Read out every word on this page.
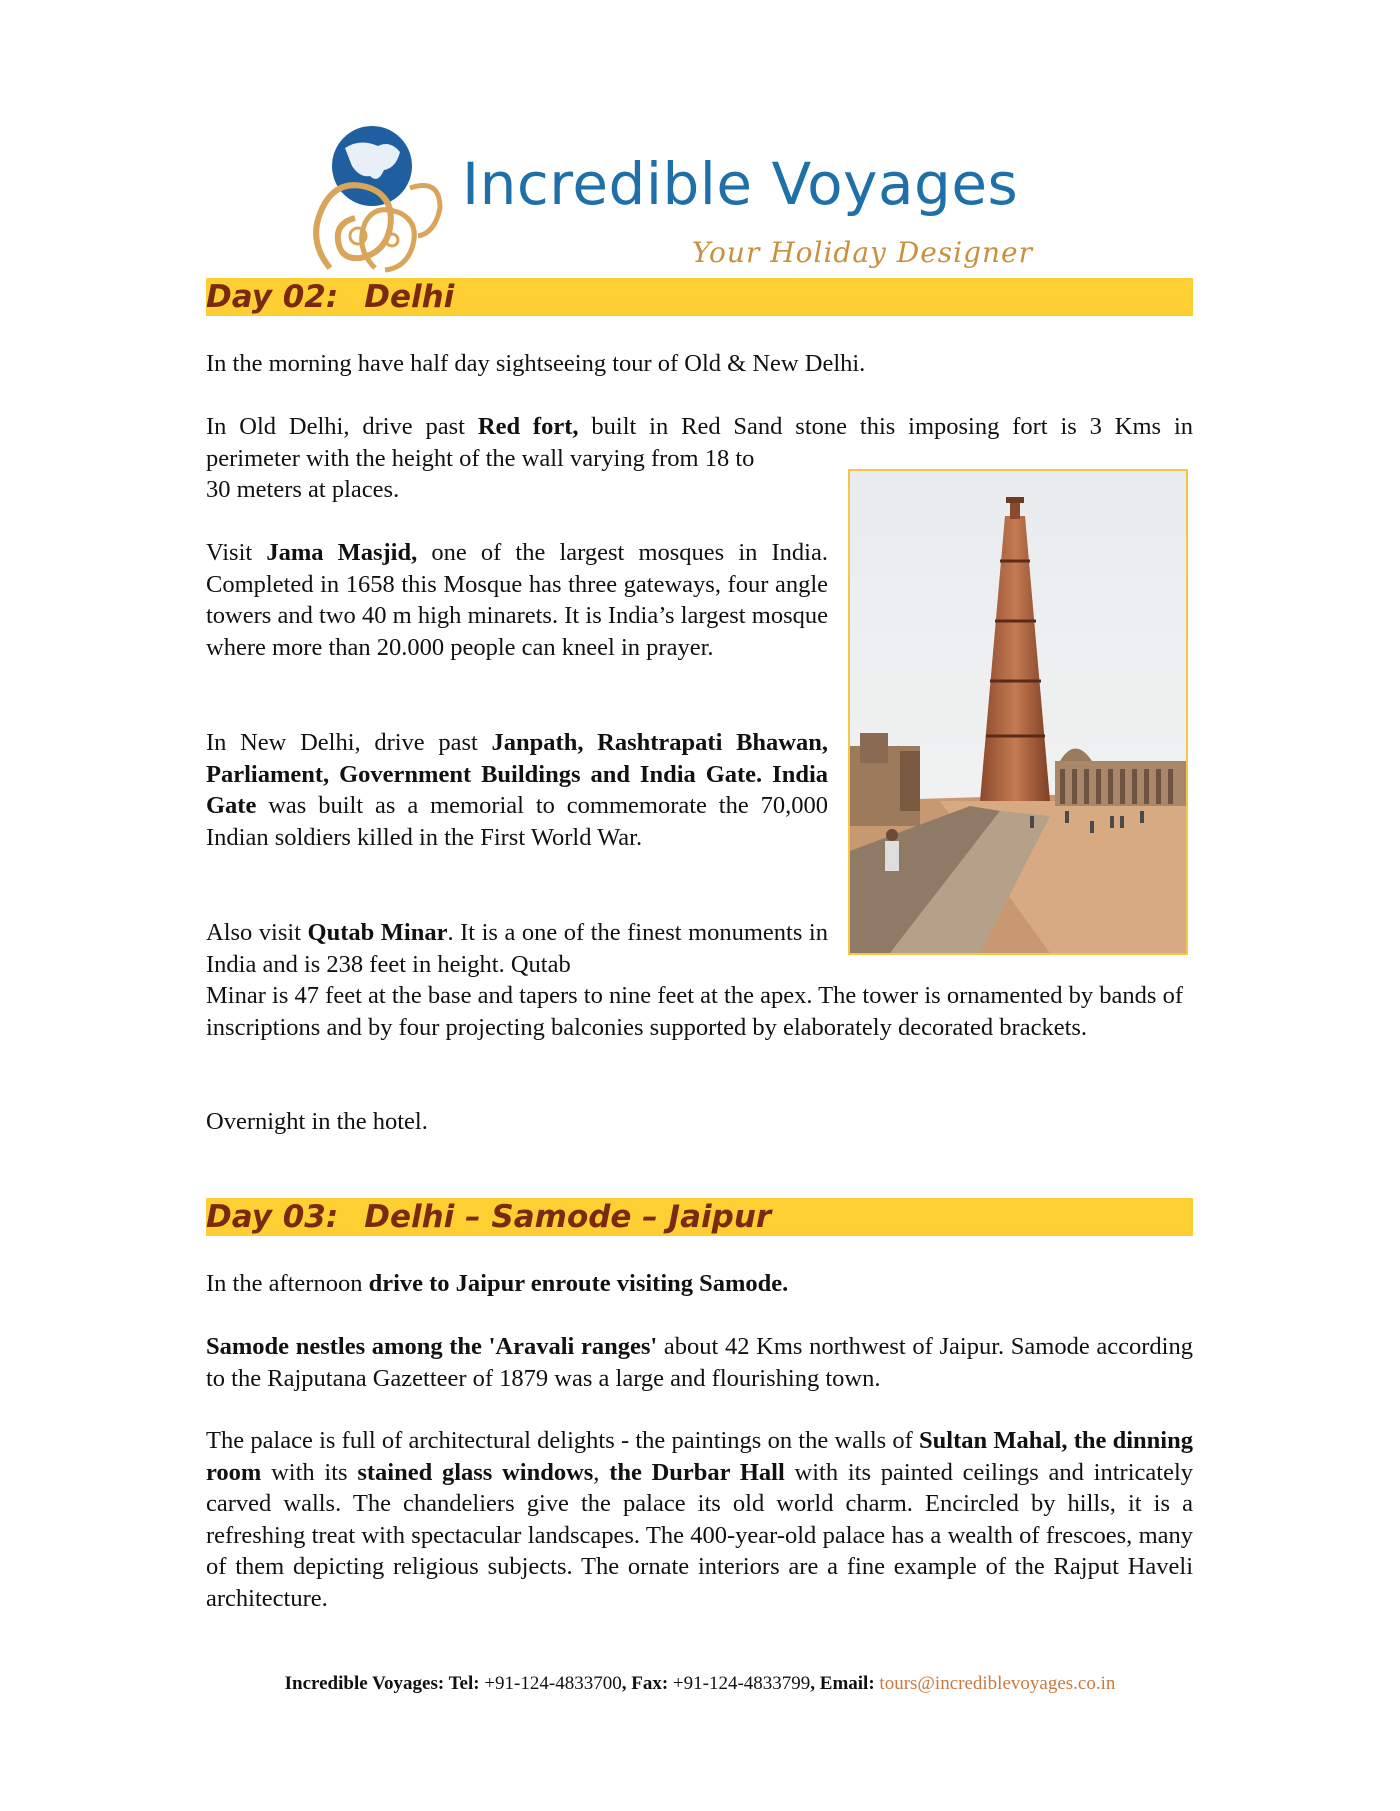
Incredible Voyages
Your Holiday Designer
Day 02: Delhi

In the morning have half day sightseeing tour of Old & New Delhi.

In Old Delhi, drive past Red fort, built in Red Sand stone this imposing fort is 3 Kms in
perimeter with the height of the wall varying from 18 to
30 meters at places.

Visit Jama Masjid, one of the largest mosques in India. Completed in 1658 this Mosque has three gateways, four angle towers and two 40 m high minarets. It is India’s largest mosque where more than 20.000 people can kneel in prayer.

In New Delhi, drive past Janpath, Rashtrapati Bhawan, Parliament, Government Buildings and India Gate. India Gate was built as a memorial to commemorate the 70,000 Indian soldiers killed in the First World War.

Also visit Qutab Minar. It is a one of the finest monuments in India and is 238 feet in height. Qutab

Minar is 47 feet at the base and tapers to nine feet at the apex. The tower is ornamented by bands of inscriptions and by four projecting balconies supported by elaborately decorated brackets.

Overnight in the hotel.

Day 03: Delhi – Samode – Jaipur

In the afternoon drive to Jaipur enroute visiting Samode.

Samode nestles among the 'Aravali ranges' about 42 Kms northwest of Jaipur. Samode according to the Rajputana Gazetteer of 1879 was a large and flourishing town.

The palace is full of architectural delights - the paintings on the walls of Sultan Mahal, the dinning room with its stained glass windows, the Durbar Hall with its painted ceilings and intricately carved walls. The chandeliers give the palace its old world charm. Encircled by hills, it is a refreshing treat with spectacular landscapes. The 400-year-old palace has a wealth of frescoes, many of them depicting religious subjects. The ornate interiors are a fine example of the Rajput Haveli architecture.

Incredible Voyages: Tel: +91-124-4833700, Fax: +91-124-4833799, Email: tours@incrediblevoyages.co.in
